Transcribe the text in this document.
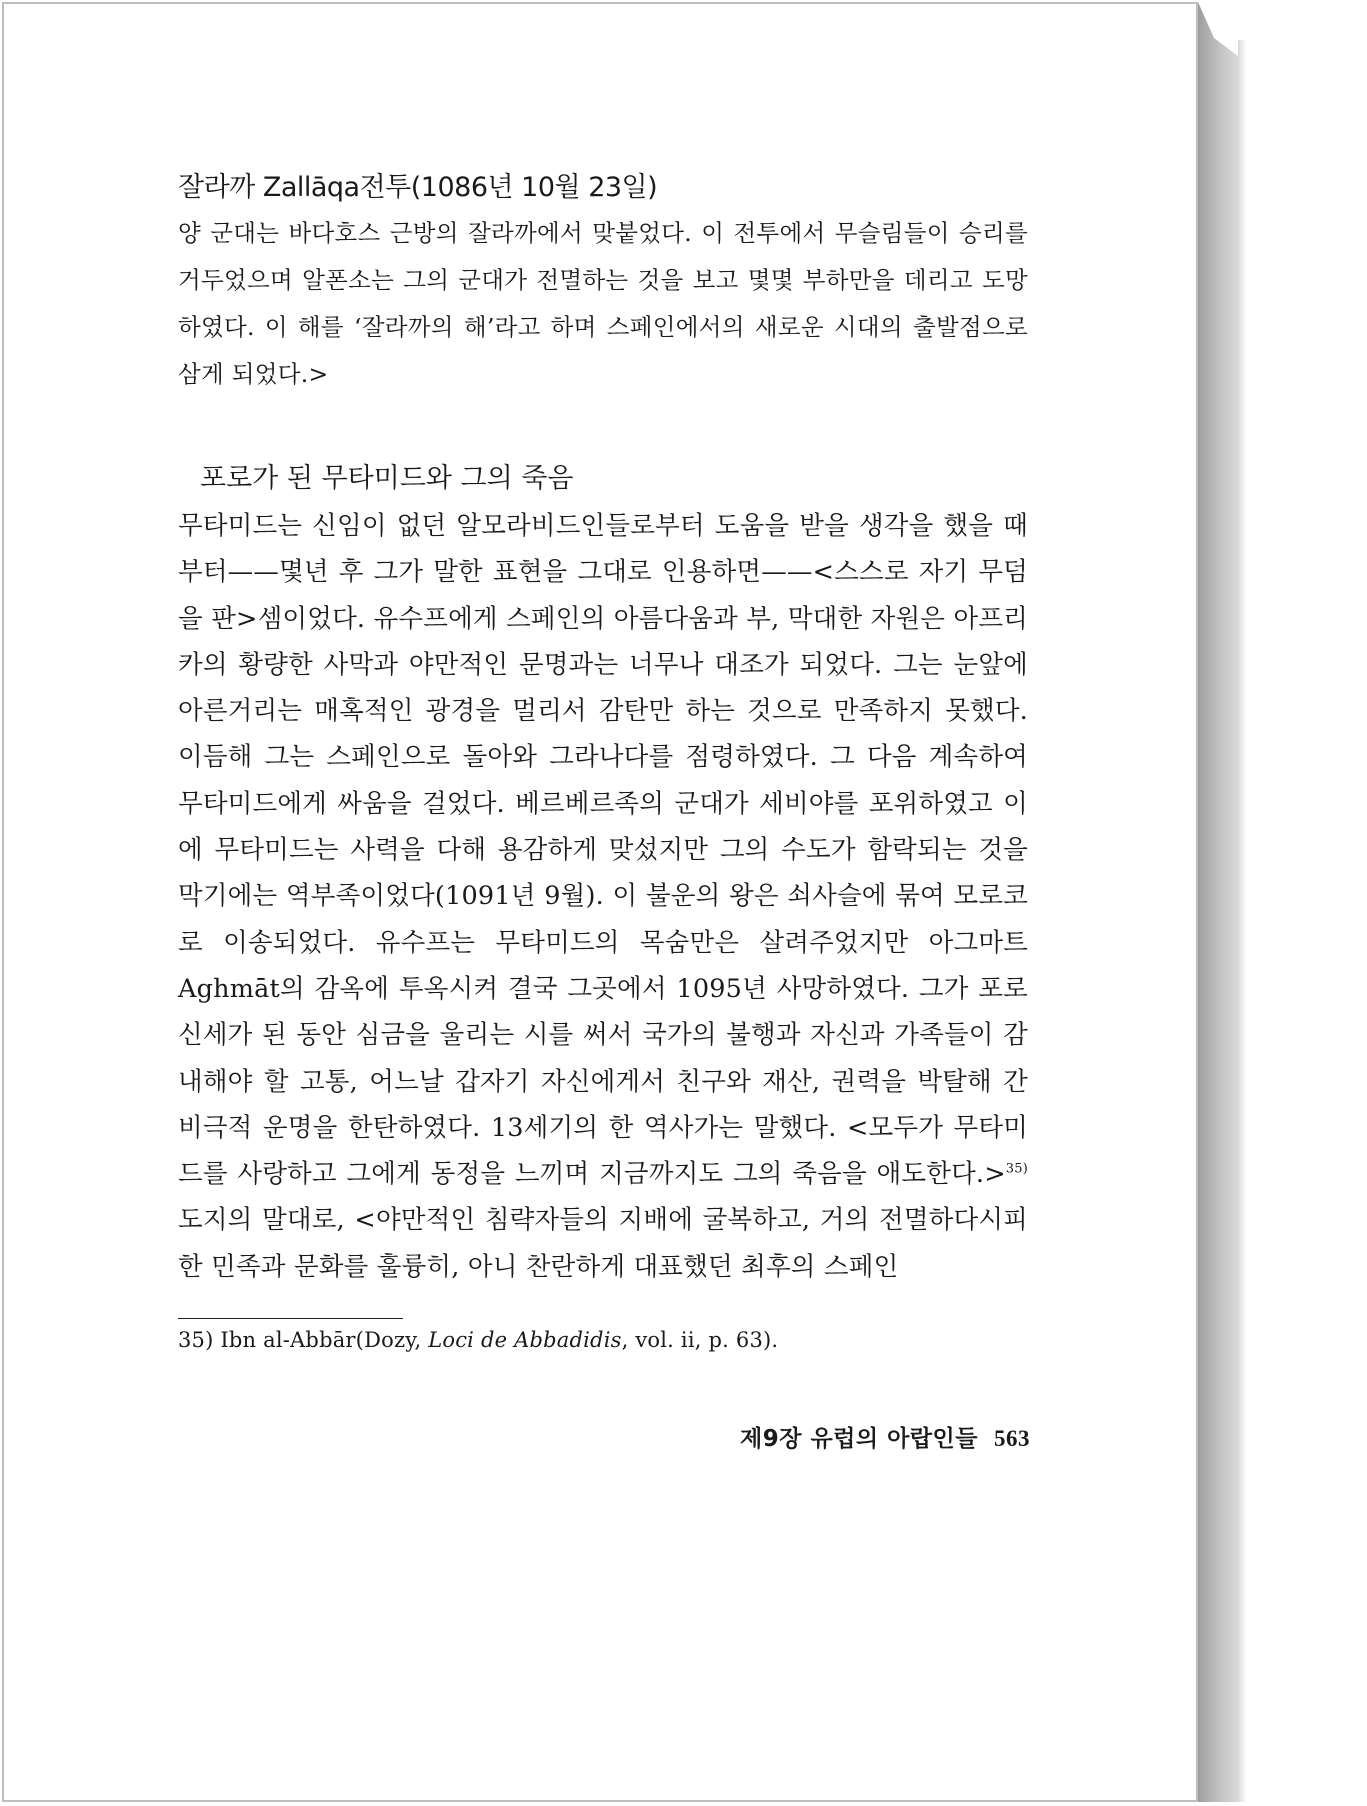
잘라까 Zallāqa전투(1086년 10월 23일)

양 군대는 바다호스 근방의 잘라까에서 맞붙었다. 이 전투에서 무슬림들이 승리를 거두었으며 알폰소는 그의 군대가 전멸하는 것을 보고 몇몇 부하만을 데리고 도망하였다. 이 해를 ‘잘라까의 해’라고 하며 스페인에서의 새로운 시대의 출발점으로 삼게 되었다.>

포로가 된 무타미드와 그의 죽음

무타미드는 신임이 없던 알모라비드인들로부터 도움을 받을 생각을 했을 때부터——몇년 후 그가 말한 표현을 그대로 인용하면——<스스로 자기 무덤을 판>셈이었다. 유수프에게 스페인의 아름다움과 부, 막대한 자원은 아프리카의 황량한 사막과 야만적인 문명과는 너무나 대조가 되었다. 그는 눈앞에 아른거리는 매혹적인 광경을 멀리서 감탄만 하는 것으로 만족하지 못했다. 이듬해 그는 스페인으로 돌아와 그라나다를 점령하였다. 그 다음 계속하여 무타미드에게 싸움을 걸었다. 베르베르족의 군대가 세비야를 포위하였고 이에 무타미드는 사력을 다해 용감하게 맞섰지만 그의 수도가 함락되는 것을 막기에는 역부족이었다(1091년 9월). 이 불운의 왕은 쇠사슬에 묶여 모로코로 이송되었다. 유수프는 무타미드의 목숨만은 살려주었지만 아그마트 Aghmāt의 감옥에 투옥시켜 결국 그곳에서 1095년 사망하였다. 그가 포로 신세가 된 동안 심금을 울리는 시를 써서 국가의 불행과 자신과 가족들이 감내해야 할 고통, 어느날 갑자기 자신에게서 친구와 재산, 권력을 박탈해 간 비극적 운명을 한탄하였다. 13세기의 한 역사가는 말했다. <모두가 무타미드를 사랑하고 그에게 동정을 느끼며 지금까지도 그의 죽음을 애도한다.>$^{35)}$ 도지의 말대로, <야만적인 침략자들의 지배에 굴복하고, 거의 전멸하다시피한 민족과 문화를 훌륭히, 아니 찬란하게 대표했던 최후의 스페인

35) Ibn al-Abbār(Dozy, Loci de Abbadidis, vol. ii, p. 63).
제9장 유럽의 아랍인들 563
